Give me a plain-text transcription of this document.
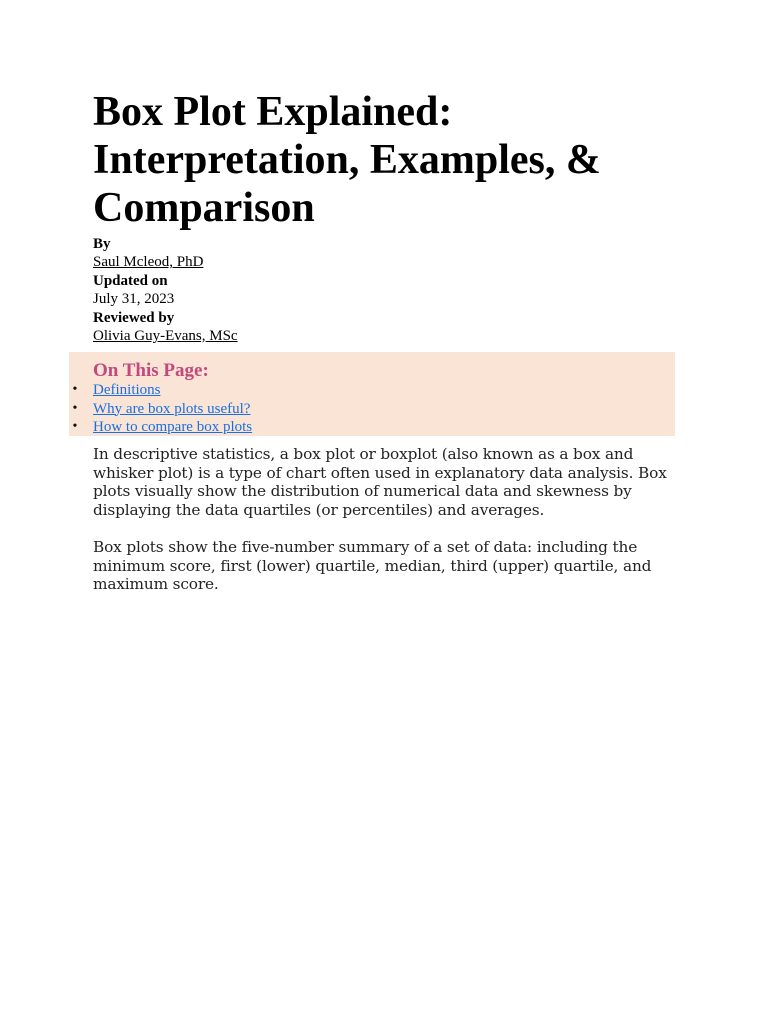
Box Plot Explained: Interpretation, Examples, & Comparison
By
Saul Mcleod, PhD
Updated on
July 31, 2023
Reviewed by
Olivia Guy-Evans, MSc
On This Page:
• Definitions
• Why are box plots useful?
• How to compare box plots

In descriptive statistics, a box plot or boxplot (also known as a box and whisker plot) is a type of chart often used in explanatory data analysis. Box plots visually show the distribution of numerical data and skewness by displaying the data quartiles (or percentiles) and averages.

Box plots show the five-number summary of a set of data: including the minimum score, first (lower) quartile, median, third (upper) quartile, and maximum score.
